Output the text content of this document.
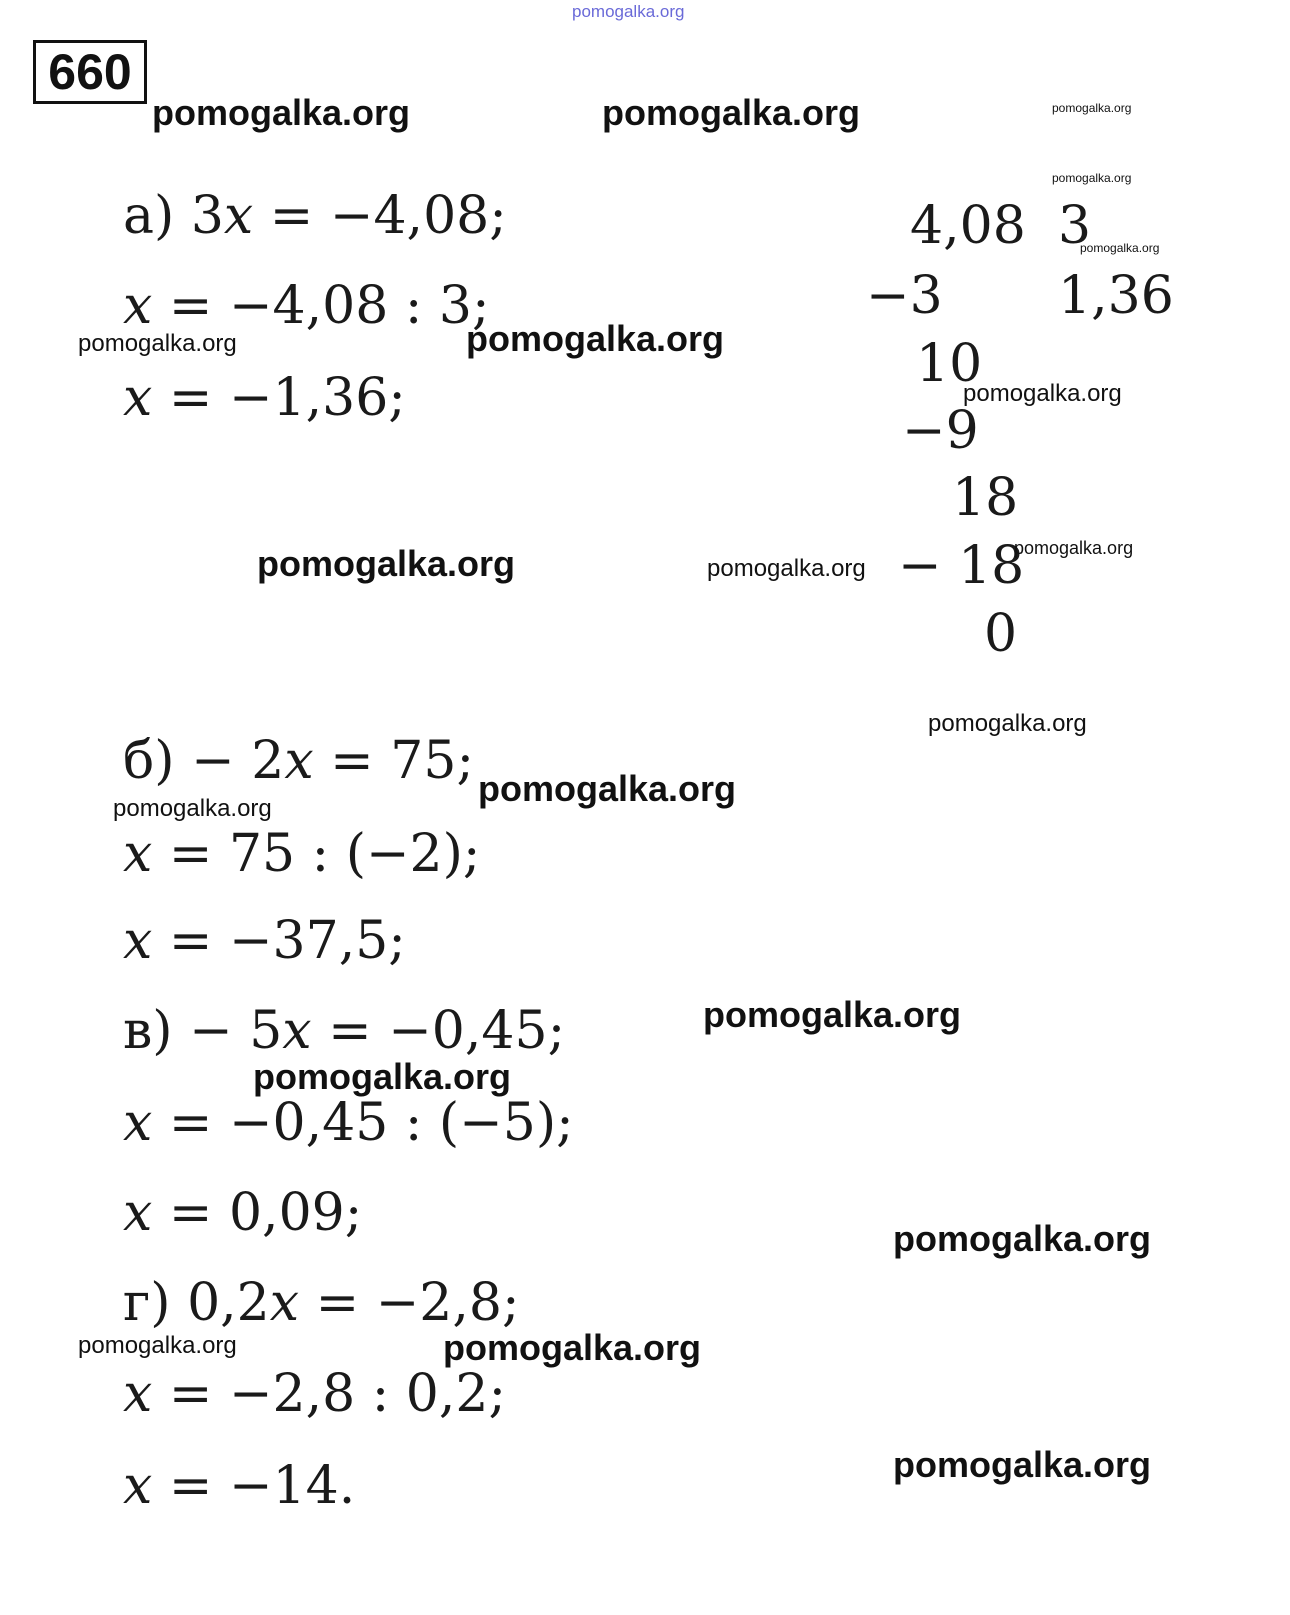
pomogalka.org
660
а) 3x = −4,08;
x = −4,08 : 3;
x = −1,36;
4,08 3
1,36
−3
10
−9
18
− 18
0
б) − 2x = 75;
x = 75 : (−2);
x = −37,5;
в) − 5x = −0,45;
x = −0,45 : (−5);
x = 0,09;
г) 0,2x = −2,8;
x = −2,8 : 0,2;
x = −14.
pomogalka.org	pomogalka.org	pomogalka.org
pomogalka.org
pomogalka.org
pomogalka.org	pomogalka.org
pomogalka.org
pomogalka.org	pomogalka.org
pomogalka.org
pomogalka.org
pomogalka.org
pomogalka.org
pomogalka.org
pomogalka.org
pomogalka.org
pomogalka.org	pomogalka.org
pomogalka.org
